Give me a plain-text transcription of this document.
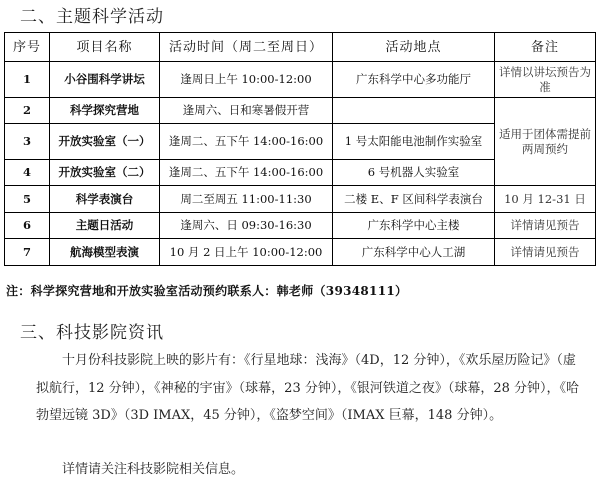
二、主题科学活动
序号	项目名称	活动时间（周二至周日）	活动地点	备注
1	小谷围科学讲坛	逢周日上午 10:00-12:00	广东科学中心多功能厅	详情以讲坛预告为准
2	科学探究营地	逢周六、日和寒暑假开营		适用于团体需提前两周预约
3	开放实验室（一）	逢周二、五下午 14:00-16:00	1 号太阳能电池制作实验室	
4	开放实验室（二）	逢周二、五下午 14:00-16:00	6 号机器人实验室	
5	科学表演台	周二至周五 11:00-11:30	二楼 E、F 区间科学表演台	10 月 12-31 日
6	主题日活动	逢周六、日 09:30-16:30	广东科学中心主楼	详情请见预告
7	航海模型表演	10 月 2 日上午 10:00-12:00	广东科学中心人工湖	详情请见预告
注：科学探究营地和开放实验室活动预约联系人：韩老师（39348111）
三、科技影院资讯

十月份科技影院上映的影片有：《行星地球：浅海》（4D，12 分钟），《欢乐屋历险记》（虚拟航行，12 分钟），《神秘的宇宙》（球幕，23 分钟），《银河铁道之夜》（球幕，28 分钟），《哈勃望远镜 3D》（3D IMAX，45 分钟），《盗梦空间》（IMAX 巨幕，148 分钟）。

详情请关注科技影院相关信息。
